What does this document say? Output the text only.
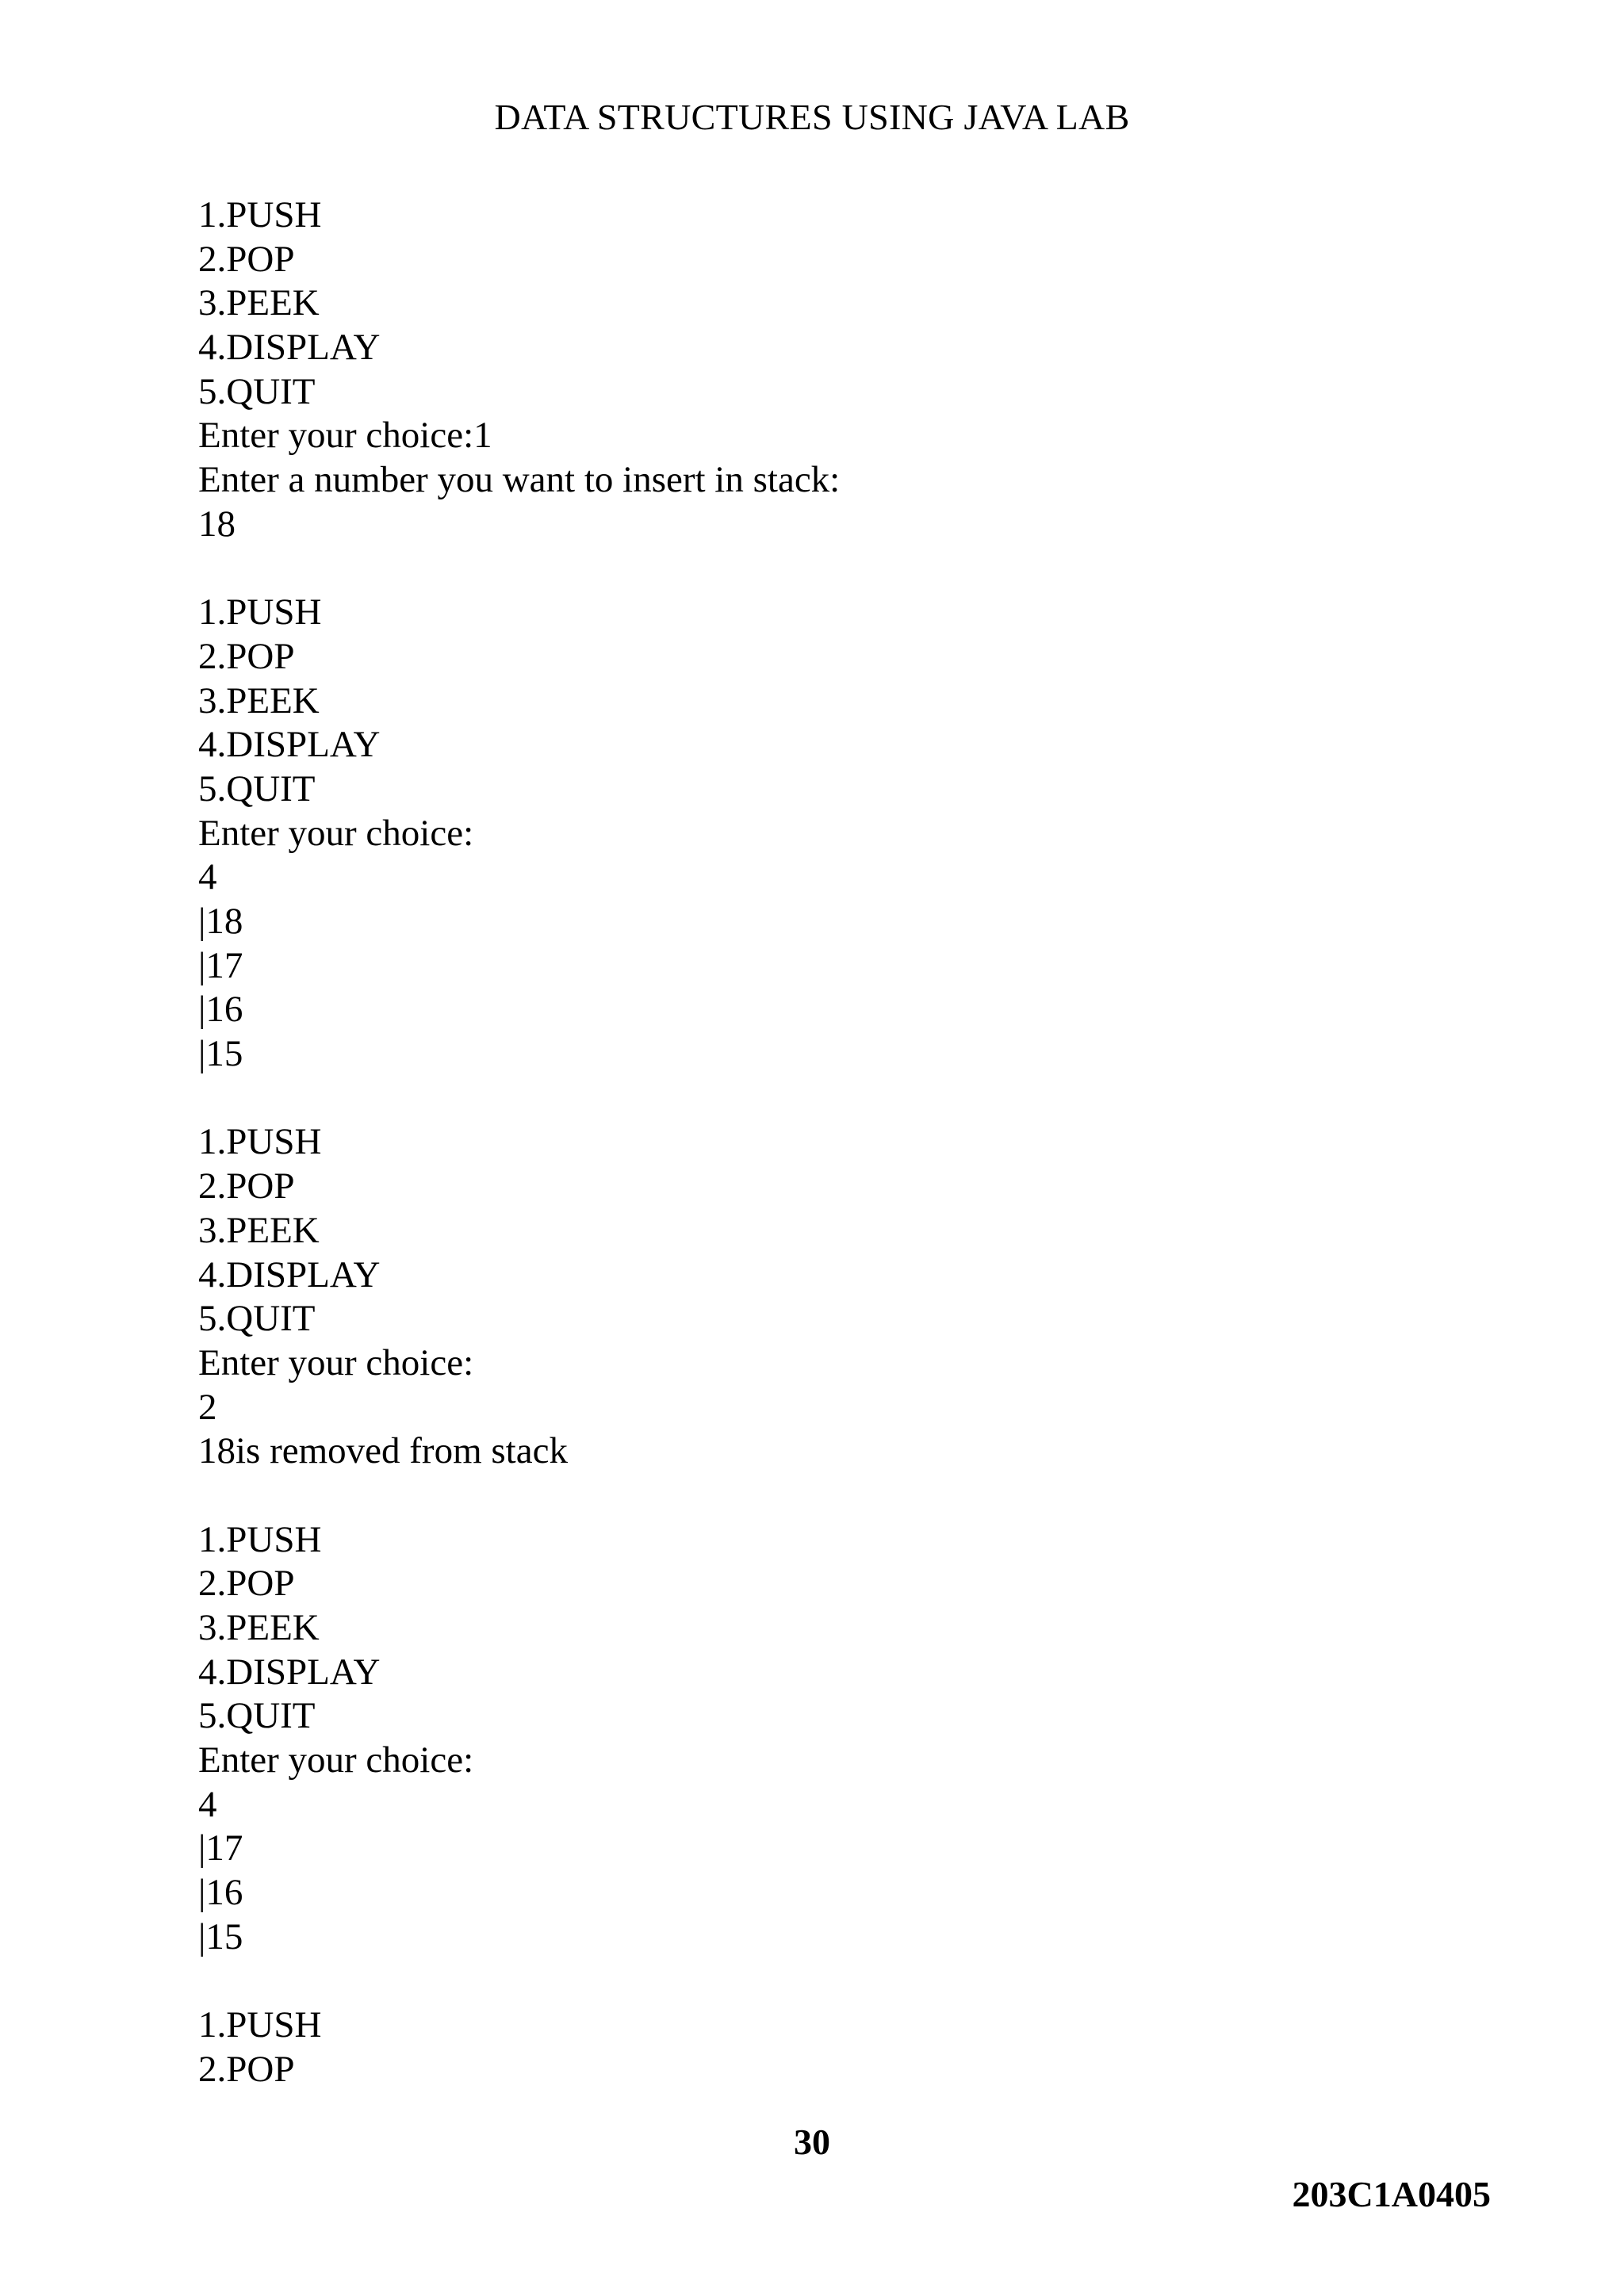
DATA STRUCTURES USING JAVA LAB
1.PUSH
2.POP
3.PEEK
4.DISPLAY
5.QUIT
Enter your choice:1
Enter a number you want to insert in stack:
18
1.PUSH
2.POP
3.PEEK
4.DISPLAY
5.QUIT
Enter your choice:
4
|18
|17
|16
|15
1.PUSH
2.POP
3.PEEK
4.DISPLAY
5.QUIT
Enter your choice:
2
18is removed from stack
1.PUSH
2.POP
3.PEEK
4.DISPLAY
5.QUIT
Enter your choice:
4
|17
|16
|15
1.PUSH
2.POP
30
203C1A0405
